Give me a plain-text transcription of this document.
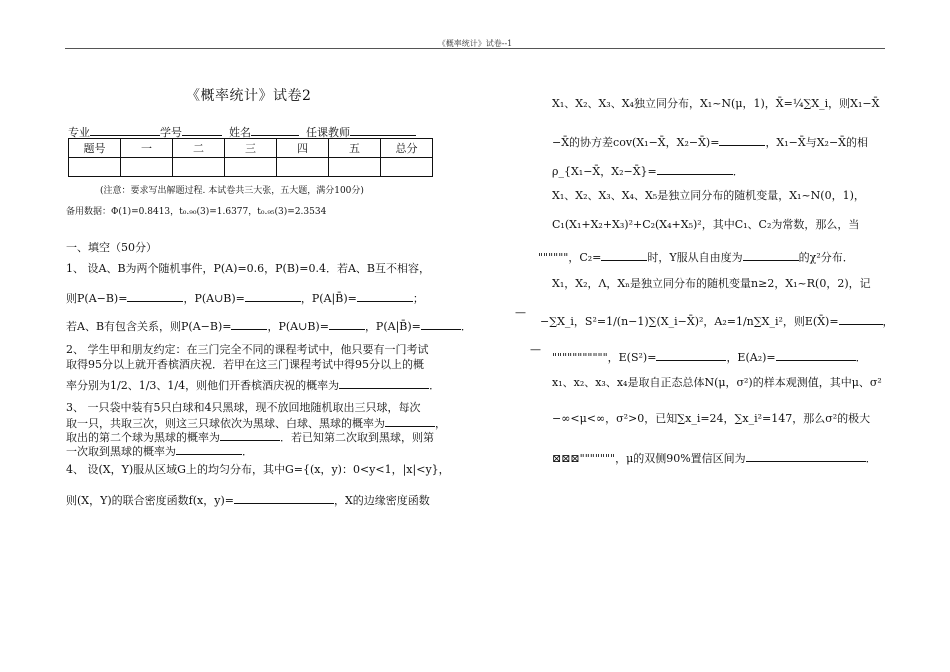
《概率统计》试卷--1
《概率统计》试卷2
专业	学号	姓名	任课教师
题号	一	二	三	四	五	总分

(注意：要求写出解题过程. 本试卷共三大张，五大题，满分100分)
备用数据：Φ(1)=0.8413，t₀.₉₀(3)=1.6377，t₀.₉₅(3)=2.3534
一、填空（50分）
1、 设A、B为两个随机事件，P(A)=0.6，P(B)=0.4．若A、B互不相容，
则P(A−B)=	，P(A∪B)=	，P(A|B̄)=	；
若A、B有包含关系，则P(A−B)=	，P(A∪B)=	，P(A|B̄)=	．
2、 学生甲和朋友约定：在三门完全不同的课程考试中，他只要有一门考试
取得95分以上就开香槟酒庆祝．若甲在这三门课程考试中得95分以上的概
率分别为1/2、1/3、1/4，则他们开香槟酒庆祝的概率为	．
3、 一只袋中装有5只白球和4只黑球，现不放回地随机取出三只球，每次
取一只，共取三次，则这三只球依次为黑球、白球、黑球的概率为	，
取出的第二个球为黑球的概率为	．若已知第二次取到黑球，则第
一次取到黑球的概率为	．
4、 设(X，Y)服从区域G上的均匀分布，其中G={(x，y)：0<y<1，|x|<y}，
则(X，Y)的联合密度函数f(x，y)=	，X的边缘密度函数
X₁、X₂、X₃、X₄独立同分布，X₁~N(μ，1)，X̄=¼∑X_i，则X₁−X̄
−X̄的协方差cov(X₁−X̄，X₂−X̄)=	，X₁−X̄与X₂−X̄的相
ρ_{X₁−X̄，X₂−X̄}=	．
X₁、X₂、X₃、X₄、X₅是独立同分布的随机变量，X₁~N(0，1)，
C₁(X₁+X₂+X₃)²+C₂(X₄+X₅)²，其中C₁、C₂为常数，那么，当
""""""，C₂=	时，Y服从自由度为	的χ²分布．
X₁，X₂，Λ，Xₙ是独立同分布的随机变量n≥2，X₁~R(0，2)，记
—
−∑X_i，S²=1/(n−1)∑(X_i−X̄)²，A₂=1/n∑X_i²，则E(X̄)=	，
—
"""""""""""，E(S²)=	，E(A₂)=	．
x₁、x₂、x₃、x₄是取自正态总体N(μ，σ²)的样本观测值，其中μ、σ²
−∞<μ<∞，σ²>0，已知∑x_i=24，∑x_i²=147，那么σ²的极大
⊠⊠⊠"""""""，μ的双侧90%置信区间为	．
